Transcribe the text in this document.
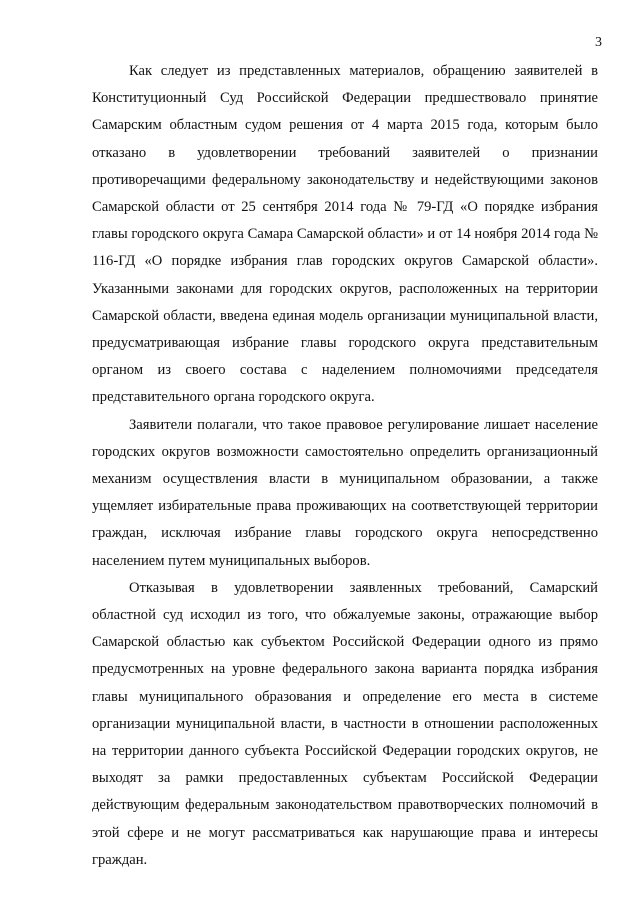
3

Как следует из представленных материалов, обращению заявителей в Конституционный Суд Российской Федерации предшествовало принятие Самарским областным судом решения от 4 марта 2015 года, которым было отказано в удовлетворении требований заявителей о признании противоречащими федеральному законодательству и недействующими законов Самарской области от 25 сентября 2014 года № 79-ГД «О порядке избрания главы городского округа Самара Самарской области» и от 14 ноября 2014 года № 116-ГД «О порядке избрания глав городских округов Самарской области». Указанными законами для городских округов, расположенных на территории Самарской области, введена единая модель организации муниципальной власти, предусматривающая избрание главы городского округа представительным органом из своего состава с наделением полномочиями председателя представительного органа городского округа.

Заявители полагали, что такое правовое регулирование лишает население городских округов возможности самостоятельно определить организационный механизм осуществления власти в муниципальном образовании, а также ущемляет избирательные права проживающих на соответствующей территории граждан, исключая избрание главы городского округа непосредственно населением путем муниципальных выборов.

Отказывая в удовлетворении заявленных требований, Самарский областной суд исходил из того, что обжалуемые законы, отражающие выбор Самарской областью как субъектом Российской Федерации одного из прямо предусмотренных на уровне федерального закона варианта порядка избрания главы муниципального образования и определение его места в системе организации муниципальной власти, в частности в отношении расположенных на территории данного субъекта Российской Федерации городских округов, не выходят за рамки предоставленных субъектам Российской Федерации действующим федеральным законодательством правотворческих полномочий в этой сфере и не могут рассматриваться как нарушающие права и интересы граждан.
